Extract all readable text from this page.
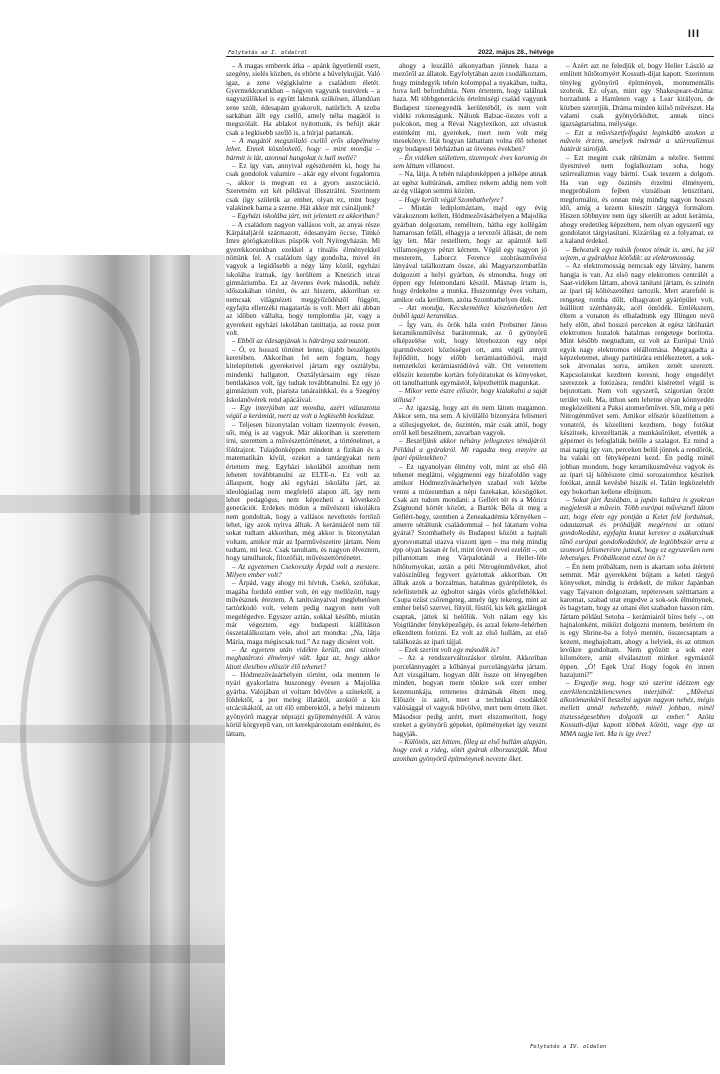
III
Folytatás az I. oldalról	2022. május 28., hétvége

– A magas emberek átka – apánk ügyetlenül esett, szegény, sielés közben, és eltörte a hüvelykujját. Való igaz, a zene végigkísérte a családom életét. Gyermekkorunkban – négyen vagyunk testvérek – a nagyszülőkkel is együtt laktunk szűkösen, állandóan zene szólt, édesapám gyakorolt, natürlich. A szoba sarkában állt egy csellő, amely néha magától is megszólalt. Ha ablakot nyitottunk, és befújt akár csak a legkisebb szellő is, a húrjai pattantak.

– A magától megszólaló csellő erős alapélmény lehet. Ennek köszönhető, hogy – mint mondja – bármit is lát, azonnal hangokat is hall mellé?

– Ez így van, annyival egészíteném ki, hogy ha csak gondolok valamire – akár egy elvont fogalomra –, akkor is megvan ez a gyors asszociáció. Szeretném ezt két példával illusztrálni. Szerintem csak (így születik az ember, olyan ez, mint hogy valakinek barna a szeme. Hát akkor mit csináljunk?

– Egyházi iskolába járt, mit jelentett ez akkoriban?

– A családom nagyon vallásos volt, az anyai része Kárpátaljáról származott, édesanyám öccse, Timkó Imre görögkatolikus püspök volt Nyíregyházán. Mi gyerekkorunkban ezekkel a rituális élményekkel nőttünk fel. A családom úgy gondolta, mivel én vagyok a legidősebb a négy lány közül, egyházi iskolába íratnak, így kerültem a Kneizich utcai gimnáziumba. Ez az ötvenes évek második, nehéz időszakában történt, és azt hiszem, akkoriban ez nemcsak világnézeti meggyőződéstől függött, egyfajta ellenzéki magatartás is volt. Mert aki abban az időben vállalta, hogy templomba jár, vagy a gyerekeit egyházi iskolában taníttatja, az rossz pont volt.

– Ebből az édesapjának is hátránya származott.

– Ó, ez hosszú történet lenne, újabb beszélgetés keretében. Akkoriban fel sem fogtam, hogy kitelepítettek gyerekeivel jártam egy osztályba, mindenki hallgatott. Osztálytársaim egy része bentlakásos volt, így tudtak továbbtanulni. Ez egy jó gimnázium volt, piarista tanárainkkal, és a Szegény Iskolanővérek rend apácáival.

– Egy interjúban azt mondta, azért választotta végül a kerámiát, mert az volt a legkisebb kockázat.

– Teljesen bizonytalan voltam tizennyolc évesen, sőt, még is az vagyok. Már akkoriban is szerettem írni, szerettem a művészettörténetet, a történelmet, a földrajzot. Tulajdonképpen mindent a fizikán és a matematikán kívül, ezeket a tantárgyakat nem értettem meg. Egyházi iskolából azonban nem lehetett továbbtanulni az ELTE-n. Ez volt az állaspont, hogy aki egyházi iskolába járt, az ideológiailag nem megfelelő alapon áll, így nem lehet pedagógus, nem képezheti a következő generációt. Erdekes módon a művészeti iskolákra nem gondoltak, hogy a vallásos neveltetés fertőző lehet, így azok nyitva álltak. A kerámiáról nem túl sokat tudtam akkoriban, még akkor is bizonytalan voltam, amikor már az Iparművészetire jártam. Nem tudtam, mi lesz. Csak tanultam, és nagyon élveztem, hogy tanulhatok, filozófiát, művészettörténetet.

– Az egyetemen Csekovszky Árpád volt a mestere. Milyen ember volt?

– Árpád, vagy ahogy mi hívtuk, Csekó, szófukar, magába forduló ember volt, én egy mellőzött, nagy művésznek éreztem. A tanítványaival meglehetősen tartózkodó volt, velem pedig nagyon nem volt megelégedve. Egyszer aztán, sokkal később, miután már végeztem, egy budapesti kiállításon összetalálkoztam vele, ahol azt mondta: „Na, látja Mária, maga mégiscsak tud.” Az nagy dicséret volt.

– Az egyetem után vidékre került, ami szintén meghatározó élménnyé vált. Igaz az, hogy akkor látott életében először élő tehenet?

– Hódmezővásárhelyen történt, oda mentem le nyári gyakorlatra huszonegy évesen a Majolika gyárba. Valójában el voltam bűvölve a színektől, a földektől, a por meleg illatától, azoktól a kis utcácskáktól, az ott élő emberektől, a helyi múzeum gyönyörű magyar néprajzi gyűjteményétől. A város körül körgyepű van, ott kerekpározotam esténként, és láttam,

ahogy a leszálló alkonyatban jönnek haza a mezőről az állatok. Egyfolytában azon csodálkoztam, hogy mindegyik tehén kolomppal a nyakában, tudta, hova kell befordulnia. Nem értettem, hogy találnak haza. Mi többgenerációs értelmiségi család vagyunk Budapest tizenegyedik kerületéből, és nem volt vidéki rokonságunk. Nálunk Balzac-összes volt a polcokon, meg a Révai Nagylexikon, azt olvastuk esténként mi, gyerekek, mert nem volt még mesekönyv. Hát hogyan láthattam volna élő tehenet egy budapesti bérházban az ötvenes években?

– Én vidéken születtem, tizennyolc éves koromig én sem láttam villamost.

– Na, látja. A tehén tulajdonképpen a jelképe annak az egész kultúrának, amihez nekem addig nem volt az ég világon semmi közöm.

– Hogy került végül Szombathelyre?

– Miután lediplomáztam, majd egy évig várakoznom kellett, Hódmezővásárhelyen a Majolika gyárban dolgoztam, reméltem, hátha egy kollégám hamarosan feláll, elhagyja a tervezői állását, de nem így lett. Már restelltem, hogy az apámtól kell villamosjegyre pénzt kérnem. Végül egy nagyon jó mesterem, Laborcz Ference szobrászművész lányával találkoztam össze, aki Magyarszombatfán dolgozott a helyi gyárban, és elmondta, hogy ott éppen egy felemondani készül. Másnap írtam is, hogy érdekelne a munka. Huszonnégy éves voltam, amikor oda kerültem, azóta Szombathelyen élek.

– Azt mondja, Kecskeméthez köszönhetően lett önből igazi keramikus.

– Így van, és örök hála ezért Probstner János keramikusművész barátomnak, az ő gyönyörű elképzelése volt, hogy létrehozzon egy népi iparművészeti közösséget ott, ami végül annyit fejlődött, hogy előbb kerámiastúdióvá, majd nemzetközi kerámiastúdióvá vált. Ott veterettem először kezembe kortárs folyóiratokat és könyveket, ott tanulhattunk egymástól, képezhettük magunkat.

– Mikor vette észre először, hogy kialakulni a saját stílusa?

– Az igazság, hogy azt én nem látom magamon. Akkor sem, ma sem. A kívülálló bizonyára felismeri a stílusjegyeket, de, őszintén, már csak attól, hogy erről kell beszélnem, zavarban vagyok.

– Beszéljünk akkor néhány jellegzetes témájáról. Például a gyárakról. Mi ragadta meg ennyire az ipari épületekben?

– Ez ugyanolyan élmény volt, mint az első élő tehenet meglátni, végigmenni egy bizafoldön vagy amikor Hódmezővásárhelyen szabad volt kézbe venni a múzeumban a népi fazekakat, köcsögöket. Csak azt tudom mondani: a Gellért tér és a Móricz Zsigmond körtér között, a Bartók Béla út meg a Gellért-hegy, szemben a Zeneakadémia környéken – amerre sétáltunk családommal – hol látattam volna gyárat? Szombathely és Budapest között a hajnali gyorsvonattal utazva viszont igen – ma még mindig épp olyan lassan ér fel, mint ötven évvel ezelőtt –, ott pillantottam meg Várpalotánál a Heller-féle hőtőtornyokat, aztán a péti Nitrogénművéket, ahol valószínűleg fegyvert gyártottak akkoriban. Ott álltak azok a borzalmas, hatalmas gyárépületek, és telefüstették az égboltot sárgás vörös gőzfelhőkkel. Csupa ezüst csőrengeteg, amely úgy tekereg, mint az ember belső szervei, fütyül, füstöl, kis kék gázlángok csaptak, játtek ki belőlük. Volt nálam egy kis Voigtländer fényképezőgép, és azzal fekete-fehérben elkezdtem fotózni. Ez volt az első hullám, az első találkozás az ipari tájjal.

– Ezek szerint volt egy második is?

– Az a rendszerváltozáskor történt. Akkoriban porcelánnyagért a kőbányai porcelángyárba jártam. Azt vizsgáltam, hogyan dőlt össze ott lényegében minden, hogyan ment tönkre sok ezer ember kezemunkája, rettenetes drámának éltem meg. Először is azért, mert a technikai csodáktól valósággal el vagyok bűvölve, mert nem értem őket. Másodsor pedig azért, mert elszomorított, hogy ezeket a gyönyörű gépeket, építményeket így veszni hagyják.

– Különös, azt hittem, főleg az első hullám alapján, hogy ezek a rideg, sötét gyárak elborzasztják. Most azonban gyönyörű építménynek nevezte őket.

– Azért azt ne feledjük el, hogy Heller László az említett hűtőtornyért Kossuth-díjat kapott. Szerintem tényleg gyönyörű építmények, monumentális szobrok. Ez olyan, mint egy Shakespeare-dráma: borzadunk a Hamleten vagy a Lear királyon, de közben szeretjük. Dráma minden külső művészet. Ha valamí csak gyönyörködtet, annak nincs igazságtartalma, mélysége.

– Ezt a művészetfelfogást leginkább azokon a műveín érzem, amelyek mármár a szürrealizmus határát súrolják.

– Ezt megint csak rábíznám a nézőre. Semmi ilyesmivel nem foglalkoztam soha, hogy szürrealizmus vagy bármi. Csak teszem a dolgom. Ha van egy őszintés érzelmi élményem, megpróbálom fejben vizuálisan letisztítani, megformálni, és onnan még mindig nagyon hosszú idő, amíg a kezem kiteszítt tárggyá formálom. Hiszen többnyire nem úgy sikerült az adott kerámia, ahogy eredetileg képzeltem, nem olyan egyszerű egy gondolatot tárgyiasítani. Kizárólag ez a folyamat, ez a kaland érdekel.

– Behoznék egy másik fontos témát is, ami, ha jól sejtem, a gyárakhoz kötődik: az elektromosság.

– Az elektromosság nemcsak egy látvány, hanem hangja is van. Az első nagy elektromos centrálét a Saar-vidéken láttam, ahová tanítani jártam, és szintén az ipari táj költészetéhez tartozik. Mert ararefelé is rengeteg romba dőlt, elhagyatott gyárépület volt, leállított szénbányák, acél öntödék. Emlékszem, éltem a vonaton és elhaladtunk egy Illingen nevű hely előtt, ahol hosszú perceken át egész látóhatárt elektromos huzalok hatalmas rengetege borította. Mint később megtudtam, ez volt az Európai Unió egyik nagy elektromos eléállomása. Megragadta a képzeletemet, ahogy partitúrára emlékeztetett, a sok-sok átvonalas sorra, amiken zenét szereztt. Kapcsolatokat kezdtem keresni, hogy engedélyt szerezzek a fotózásra, rendőri kísérettel végül is bejutottam. Nem volt egyszerű, szigorúan őrzött terület volt. Ma, itthon sem lehetne olyan könnyedén megközelíteni a Paksi atomerőművet. Sőt, még a péti Nitrogénművet sem. Amikor először közelítettem a vonatról, és közelíteni kezdtem, hogy fotókat készítsek, kivezéltatták a munkásőröket, elvették a gépemet és lefoglalták belőle a szalagot. Ez mind a mai napig így van, perceken belül jönnek a rendőrök, ha valaki ott fényképezni kezd. Én pedig minél jobban mondom, hogy keramikusművész vagyok és az ipari táj költészete címú sorozatomhoz készítek fotókat, annál kevésbé hiszik el. Talán legközelebb egy bokorban kellene elbújnom.

– Sokat járt Ázsiában, a japán kultúra is gyakran megjelenik a művein. Több európai művésznél látom azt, hogy élete egy pontján a Kelet felé fordulnak, odautaznak és próbálják megérteni az ottani gondolkodást, egyfajta kiutat keresve a zsákutcának tűnő európai gondolkodásból, de legtöbbször arra a szomorú felismerésre jutnak, hogy ez egyszerűen nem lehetséges. Próbálkozott ezzel ön is?

– Én nem próbáltam, nem is akartam soha átérteni semmit. Már gyerekként bújtam a keleti tárgyú könyveket, mindig is érdekelt, de mikor Japánban vagy Tajvanon dolgoztam, tepéteresen szétttartam a karomat, szabad utat engedve a sok-sok élménynek, és hagytam, hogy az ottani élet szabadon hasson rám. Jártam például Setoba – kerámiairól híres hely –, ott hajnalonként, miközt dolgozni mentem, betértem én is egy Shrine-ba a folyó mentén, összecsaptam a kezem, meghajoltam, ahogy a helyiek, és az ottmon levőkre gondoltam. Nem győzött a sok ezer kilométere, amit elválasztott minket egymástól éppen. „Ó! Egek Ura! Hogy fogok én innen hazajutni?”

– Engedje meg, hogy szó szerint idézzem egy ezerkilenczázkilencvenes interjúból: „Művészi alkotómunkáról beszélni ugyan nagyon nehéz, mégis mellett annál nehezebb, minél jobban, minél tisztességesebben dolgozik az ember.” Azóta Kossuth-díjat kapott többek között, vagy épp az MMA tagja lett. Ma is így érez?

Folytatás a IV. oldalon
